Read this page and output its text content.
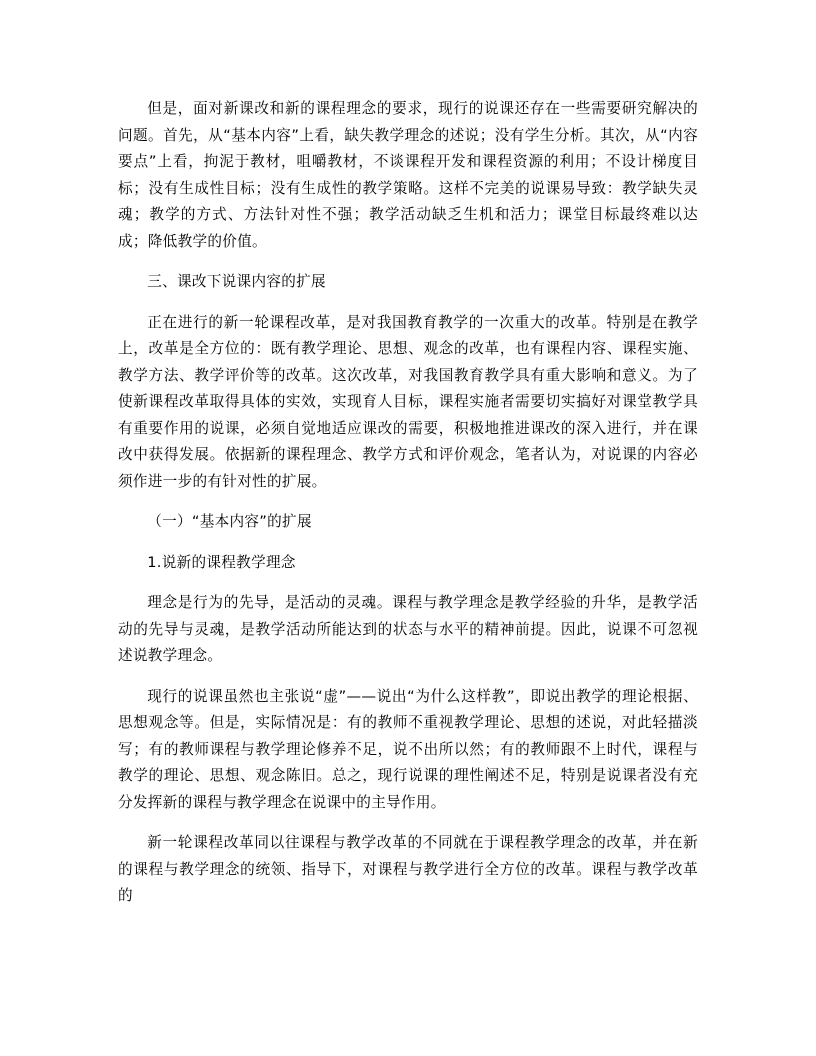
但是，面对新课改和新的课程理念的要求，现行的说课还存在一些需要研究解决的问题。首先，从“基本内容”上看，缺失教学理念的述说；没有学生分析。其次，从“内容要点”上看，拘泥于教材，咀嚼教材，不谈课程开发和课程资源的利用；不设计梯度目标；没有生成性目标；没有生成性的教学策略。这样不完美的说课易导致：教学缺失灵魂；教学的方式、方法针对性不强；教学活动缺乏生机和活力；课堂目标最终难以达成；降低教学的价值。

三、课改下说课内容的扩展

正在进行的新一轮课程改革，是对我国教育教学的一次重大的改革。特别是在教学上，改革是全方位的：既有教学理论、思想、观念的改革，也有课程内容、课程实施、教学方法、教学评价等的改革。这次改革，对我国教育教学具有重大影响和意义。为了使新课程改革取得具体的实效，实现育人目标，课程实施者需要切实搞好对课堂教学具有重要作用的说课，必须自觉地适应课改的需要，积极地推进课改的深入进行，并在课改中获得发展。依据新的课程理念、教学方式和评价观念，笔者认为，对说课的内容必须作进一步的有针对性的扩展。

（一）“基本内容”的扩展

1.说新的课程教学理念

理念是行为的先导，是活动的灵魂。课程与教学理念是教学经验的升华，是教学活动的先导与灵魂，是教学活动所能达到的状态与水平的精神前提。因此，说课不可忽视述说教学理念。

现行的说课虽然也主张说“虚”——说出“为什么这样教”，即说出教学的理论根据、思想观念等。但是，实际情况是：有的教师不重视教学理论、思想的述说，对此轻描淡写；有的教师课程与教学理论修养不足，说不出所以然；有的教师跟不上时代，课程与教学的理论、思想、观念陈旧。总之，现行说课的理性阐述不足，特别是说课者没有充分发挥新的课程与教学理念在说课中的主导作用。

新一轮课程改革同以往课程与教学改革的不同就在于课程教学理念的改革，并在新的课程与教学理念的统领、指导下，对课程与教学进行全方位的改革。课程与教学改革的
